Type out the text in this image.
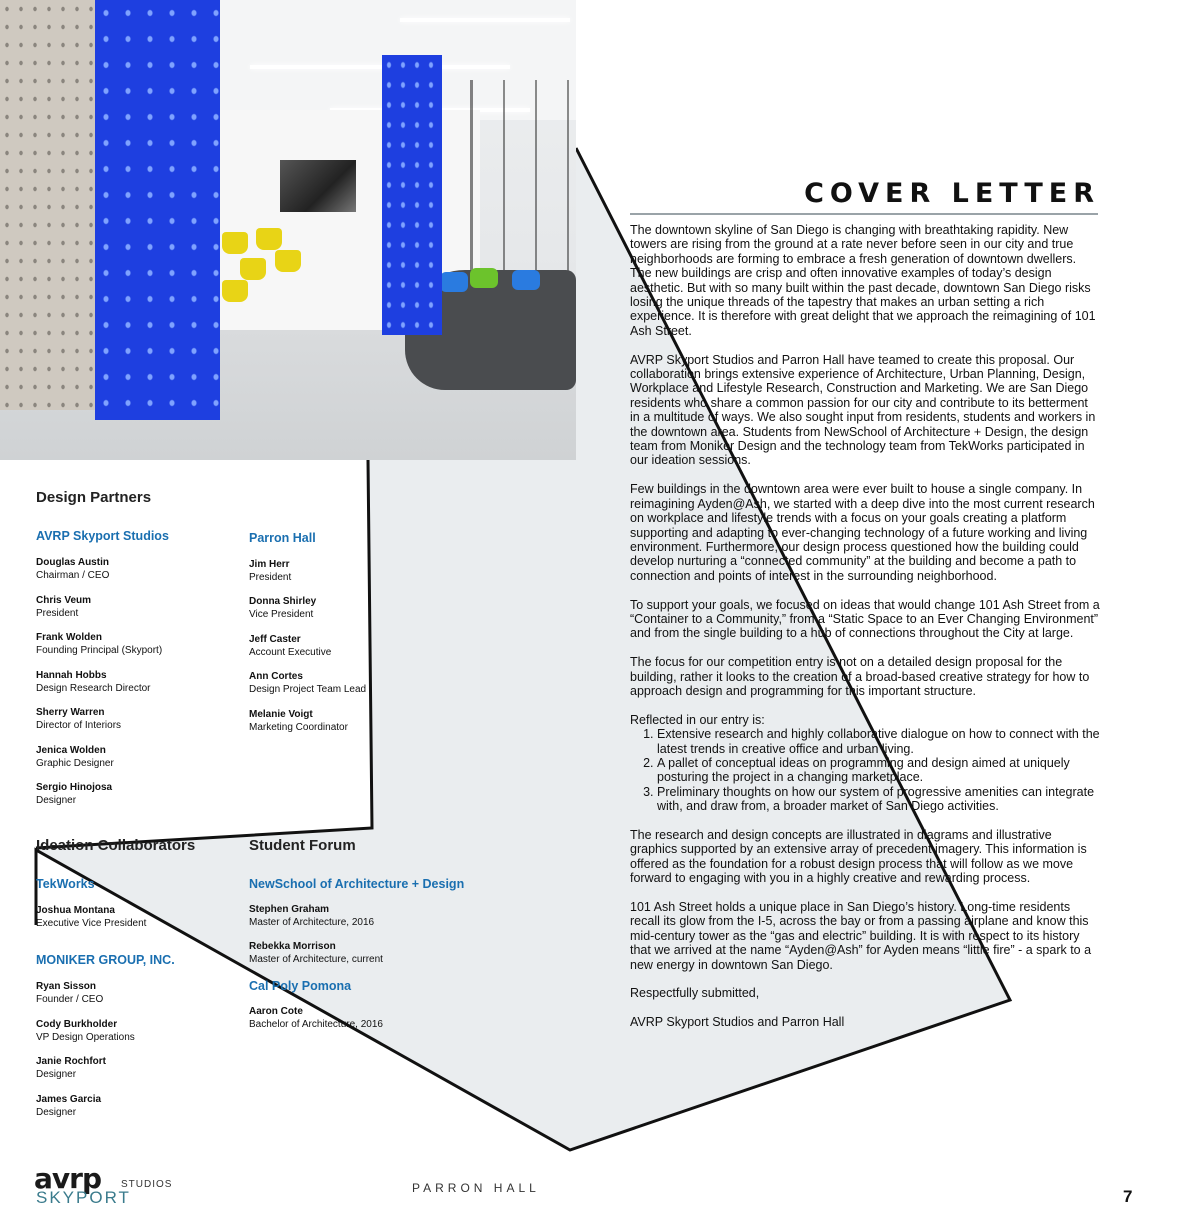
COVER LETTER

The downtown skyline of San Diego is changing with breathtaking rapidity. New towers are rising from the ground at a rate never before seen in our city and true neighborhoods are forming to embrace a fresh generation of downtown dwellers. The new buildings are crisp and often innovative examples of today’s design aesthetic. But with so many built within the past decade, downtown San Diego risks losing the unique threads of the tapestry that makes an urban setting a rich experience. It is therefore with great delight that we approach the reimagining of 101 Ash Street.

AVRP Skyport Studios and Parron Hall have teamed to create this proposal. Our collaboration brings extensive experience of Architecture, Urban Planning, Design, Workplace and Lifestyle Research, Construction and Marketing. We are San Diego residents who share a common passion for our city and contribute to its betterment in a multitude of ways. We also sought input from residents, students and workers in the downtown area. Students from NewSchool of Architecture + Design, the design team from Moniker Design and the technology team from TekWorks participated in our ideation sessions.

Few buildings in the downtown area were ever built to house a single company. In reimagining Ayden@Ash, we started with a deep dive into the most current research on workplace and lifestyle trends with a focus on your goals creating a platform supporting and adapting to ever-changing technology of a future working and living environment. Furthermore, our design process questioned how the building could develop nurturing a “connected community” at the building and become a path to connection and points of interest in the surrounding neighborhood.

To support your goals, we focused on ideas that would change 101 Ash Street from a “Container to a Community,” from a “Static Space to an Ever Changing Environment” and from the single building to a hub of connections throughout the City at large.

The focus for our competition entry is not on a detailed design proposal for the building, rather it looks to the creation of a broad-based creative strategy for how to approach design and programming for this important structure.

Reflected in our entry is:
1. Extensive research and highly collaborative dialogue on how to connect with the latest trends in creative office and urban living.
2. A pallet of conceptual ideas on programming and design aimed at uniquely posturing the project in a changing marketplace.
3. Preliminary thoughts on how our system of progressive amenities can integrate with, and draw from, a broader market of San Diego activities.

The research and design concepts are illustrated in diagrams and illustrative graphics supported by an extensive array of precedent imagery. This information is offered as the foundation for a robust design process that will follow as we move forward to engaging with you in a highly creative and rewarding process.

101 Ash Street holds a unique place in San Diego’s history. Long-time residents recall its glow from the I-5, across the bay or from a passing airplane and know this mid-century tower as the “gas and electric” building. It is with respect to its history that we arrived at the name “Ayden@Ash” for Ayden means “little fire” - a spark to a new energy in downtown San Diego.

Respectfully submitted,

AVRP Skyport Studios and Parron Hall

Design Partners
AVRP Skyport Studios	Parron Hall
Douglas Austin
Chairman / CEO
Chris Veum
President
Frank Wolden
Founding Principal (Skyport)
Hannah Hobbs
Design Research Director
Sherry Warren
Director of Interiors
Jenica Wolden
Graphic Designer
Sergio Hinojosa
Designer
Jim Herr
President
Donna Shirley
Vice President
Jeff Caster
Account Executive
Ann Cortes
Design Project Team Lead
Melanie Voigt
Marketing Coordinator
Ideation Collaborators
TekWorks
Joshua Montana
Executive Vice President
MONIKER GROUP, INC.
Ryan Sisson
Founder / CEO
Cody Burkholder
VP Design Operations
Janie Rochfort
Designer
James Garcia
Designer
Student Forum
NewSchool of Architecture + Design
Stephen Graham
Master of Architecture, 2016
Rebekka Morrison
Master of Architecture, current
Cal Poly Pomona
Aaron Cote
Bachelor of Architecture, 2016
avrp STUDIOS
SKYPORT	PARRON HALL	7
